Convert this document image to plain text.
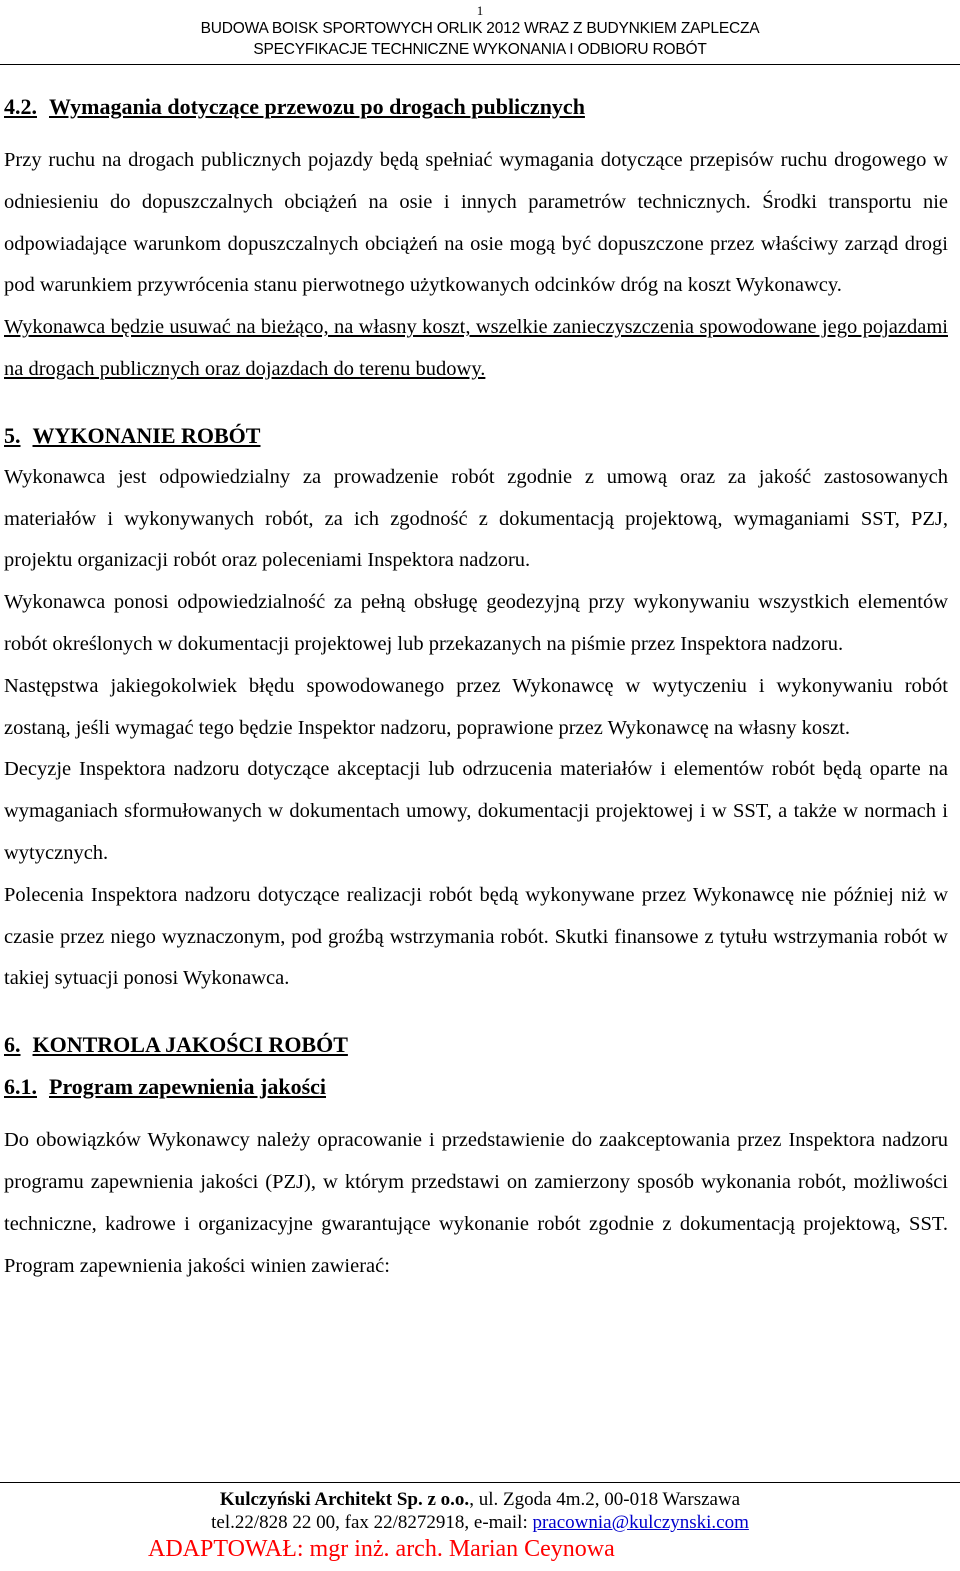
1
BUDOWA BOISK SPORTOWYCH ORLIK 2012 WRAZ Z BUDYNKIEM ZAPLECZA
SPECYFIKACJE TECHNICZNE WYKONANIA I ODBIORU ROBÓT
4.2. Wymagania dotyczące przewozu po drogach publicznych

Przy ruchu na drogach publicznych pojazdy będą spełniać wymagania dotyczące przepisów ruchu drogowego w odniesieniu do dopuszczalnych obciążeń na osie i innych parametrów technicznych. Środki transportu nie odpowiadające warunkom dopuszczalnych obciążeń na osie mogą być dopuszczone przez właściwy zarząd drogi pod warunkiem przywrócenia stanu pierwotnego użytkowanych odcinków dróg na koszt Wykonawcy.

Wykonawca będzie usuwać na bieżąco, na własny koszt, wszelkie zanieczyszczenia spowodowane jego pojazdami na drogach publicznych oraz dojazdach do terenu budowy.

5. WYKONANIE ROBÓT

Wykonawca jest odpowiedzialny za prowadzenie robót zgodnie z umową oraz za jakość zastosowanych materiałów i wykonywanych robót, za ich zgodność z dokumentacją projektową, wymaganiami SST, PZJ, projektu organizacji robót oraz poleceniami Inspektora nadzoru.

Wykonawca ponosi odpowiedzialność za pełną obsługę geodezyjną przy wykonywaniu wszystkich elementów robót określonych w dokumentacji projektowej lub przekazanych na piśmie przez Inspektora nadzoru.

Następstwa jakiegokolwiek błędu spowodowanego przez Wykonawcę w wytyczeniu i wykonywaniu robót zostaną, jeśli wymagać tego będzie Inspektor nadzoru, poprawione przez Wykonawcę na własny koszt.

Decyzje Inspektora nadzoru dotyczące akceptacji lub odrzucenia materiałów i elementów robót będą oparte na wymaganiach sformułowanych w dokumentach umowy, dokumentacji projektowej i w SST, a także w normach i wytycznych.

Polecenia Inspektora nadzoru dotyczące realizacji robót będą wykonywane przez Wykonawcę nie później niż w czasie przez niego wyznaczonym, pod groźbą wstrzymania robót. Skutki finansowe z tytułu wstrzymania robót w takiej sytuacji ponosi Wykonawca.

6. KONTROLA JAKOŚCI ROBÓT
6.1. Program zapewnienia jakości

Do obowiązków Wykonawcy należy opracowanie i przedstawienie do zaakceptowania przez Inspektora nadzoru programu zapewnienia jakości (PZJ), w którym przedstawi on zamierzony sposób wykonania robót, możliwości techniczne, kadrowe i organizacyjne gwarantujące wykonanie robót zgodnie z dokumentacją projektową, SST. Program zapewnienia jakości winien zawierać:

Kulczyński Architekt Sp. z o.o., ul. Zgoda 4m.2, 00-018 Warszawa
tel.22/828 22 00, fax 22/8272918, e-mail: pracownia@kulczynski.com
ADAPTOWAŁ: mgr inż. arch. Marian Ceynowa
